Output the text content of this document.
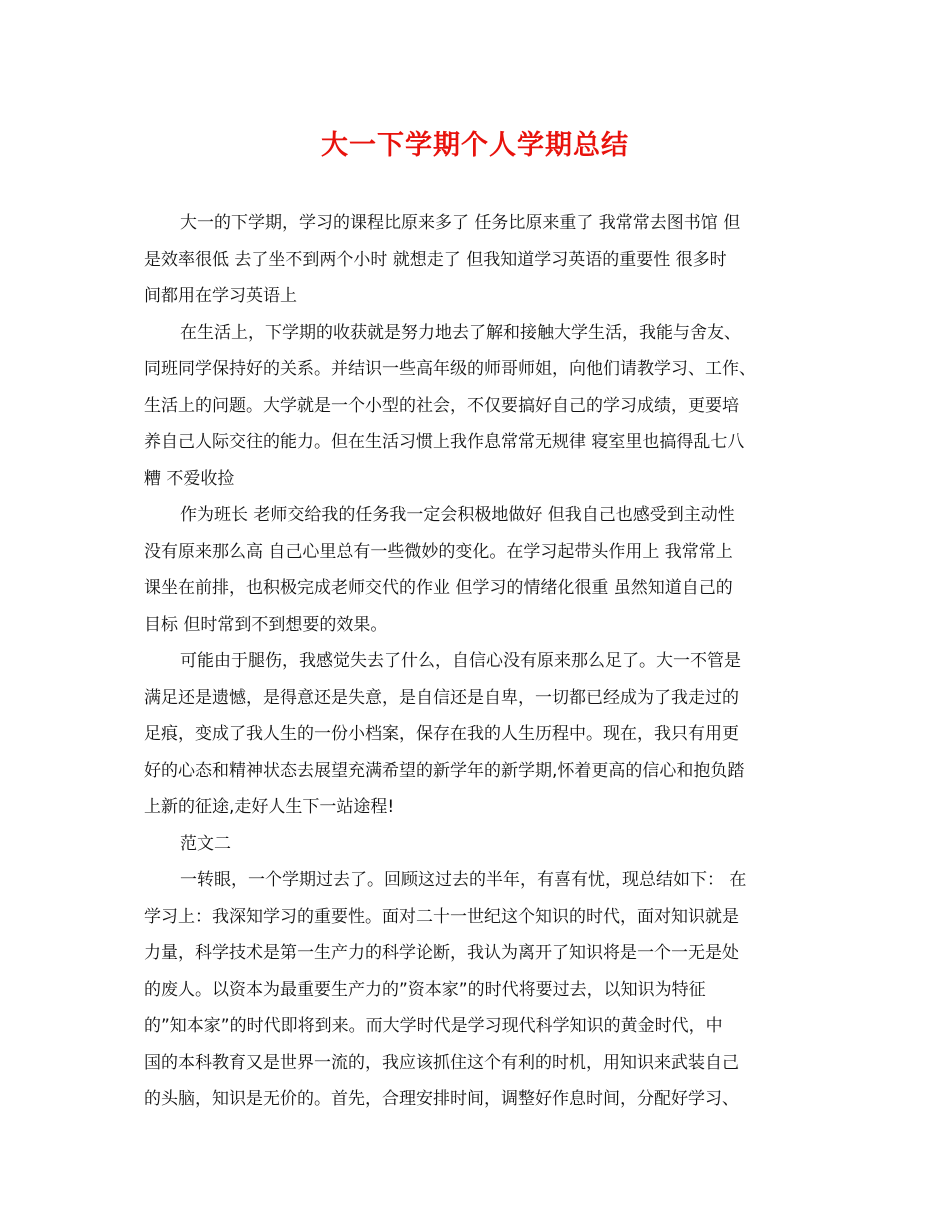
大一下学期个人学期总结
大一的下学期，学习的课程比原来多了 任务比原来重了 我常常去图书馆 但
是效率很低 去了坐不到两个小时 就想走了 但我知道学习英语的重要性 很多时
间都用在学习英语上
在生活上，下学期的收获就是努力地去了解和接触大学生活，我能与舍友、
同班同学保持好的关系。并结识一些高年级的师哥师姐，向他们请教学习、工作、
生活上的问题。大学就是一个小型的社会，不仅要搞好自己的学习成绩，更要培
养自己人际交往的能力。但在生活习惯上我作息常常无规律 寝室里也搞得乱七八
糟 不爱收捡
作为班长 老师交给我的任务我一定会积极地做好 但我自己也感受到主动性
没有原来那么高 自己心里总有一些微妙的变化。在学习起带头作用上 我常常上
课坐在前排，也积极完成老师交代的作业 但学习的情绪化很重 虽然知道自己的
目标 但时常到不到想要的效果。
可能由于腿伤，我感觉失去了什么，自信心没有原来那么足了。大一不管是
满足还是遗憾，是得意还是失意，是自信还是自卑，一切都已经成为了我走过的
足痕，变成了我人生的一份小档案，保存在我的人生历程中。现在，我只有用更
好的心态和精神状态去展望充满希望的新学年的新学期,怀着更高的信心和抱负踏
上新的征途,走好人生下一站途程!
范文二
一转眼，一个学期过去了。回顾这过去的半年，有喜有忧，现总结如下： 在
学习上：我深知学习的重要性。面对二十一世纪这个知识的时代，面对知识就是
力量，科学技术是第一生产力的科学论断，我认为离开了知识将是一个一无是处
的废人。以资本为最重要生产力的”资本家”的时代将要过去，以知识为特征
的”知本家”的时代即将到来。而大学时代是学习现代科学知识的黄金时代，中
国的本科教育又是世界一流的，我应该抓住这个有利的时机，用知识来武装自己
的头脑，知识是无价的。首先，合理安排时间，调整好作息时间，分配好学习、
